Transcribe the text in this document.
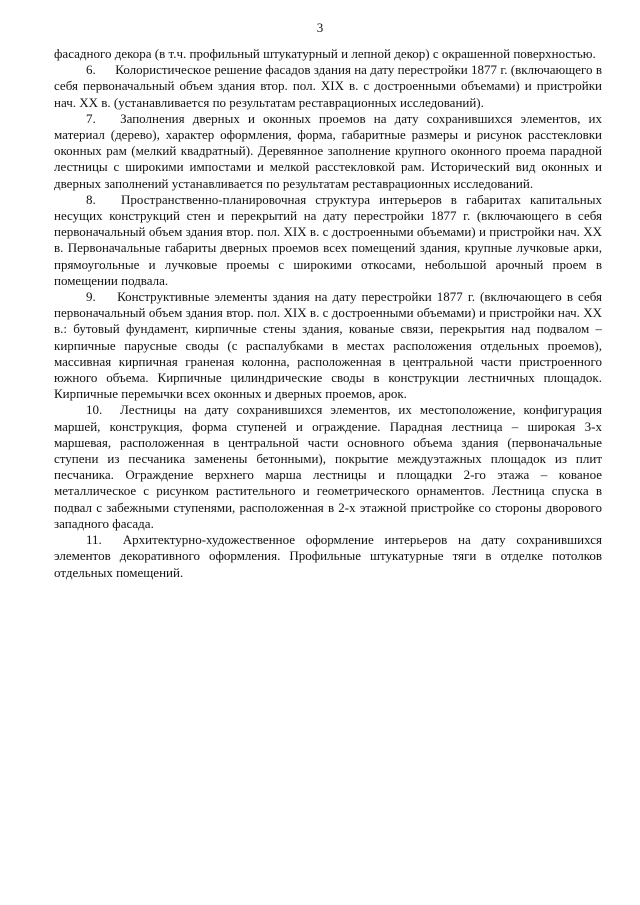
3

фасадного декора (в т.ч. профильный штукатурный и лепной декор) с окрашенной поверхностью.

6. Колористическое решение фасадов здания на дату перестройки 1877 г. (включающего в себя первоначальный объем здания втор. пол. XIX в. с достроенными объемами) и пристройки нач. XX в. (устанавливается по результатам реставрационных исследований).

7. Заполнения дверных и оконных проемов на дату сохранившихся элементов, их материал (дерево), характер оформления, форма, габаритные размеры и рисунок расстекловки оконных рам (мелкий квадратный). Деревянное заполнение крупного оконного проема парадной лестницы с широкими импостами и мелкой расстекловкой рам. Исторический вид оконных и дверных заполнений устанавливается по результатам реставрационных исследований.

8. Пространственно-планировочная структура интерьеров в габаритах капитальных несущих конструкций стен и перекрытий на дату перестройки 1877 г. (включающего в себя первоначальный объем здания втор. пол. XIX в. с достроенными объемами) и пристройки нач. XX в. Первоначальные габариты дверных проемов всех помещений здания, крупные лучковые арки, прямоугольные и лучковые проемы с широкими откосами, небольшой арочный проем в помещении подвала.

9. Конструктивные элементы здания на дату перестройки 1877 г. (включающего в себя первоначальный объем здания втор. пол. XIX в. с достроенными объемами) и пристройки нач. XX в.: бутовый фундамент, кирпичные стены здания, кованые связи, перекрытия над подвалом – кирпичные парусные своды (с распалубками в местах расположения отдельных проемов), массивная кирпичная граненая колонна, расположенная в центральной части пристроенного южного объема. Кирпичные цилиндрические своды в конструкции лестничных площадок. Кирпичные перемычки всех оконных и дверных проемов, арок.

10. Лестницы на дату сохранившихся элементов, их местоположение, конфигурация маршей, конструкция, форма ступеней и ограждение. Парадная лестница – широкая 3-х маршевая, расположенная в центральной части основного объема здания (первоначальные ступени из песчаника заменены бетонными), покрытие междуэтажных площадок из плит песчаника. Ограждение верхнего марша лестницы и площадки 2-го этажа – кованое металлическое с рисунком растительного и геометрического орнаментов. Лестница спуска в подвал с забежными ступенями, расположенная в 2-х этажной пристройке со стороны дворового западного фасада.

11. Архитектурно-художественное оформление интерьеров на дату сохранившихся элементов декоративного оформления. Профильные штукатурные тяги в отделке потолков отдельных помещений.
